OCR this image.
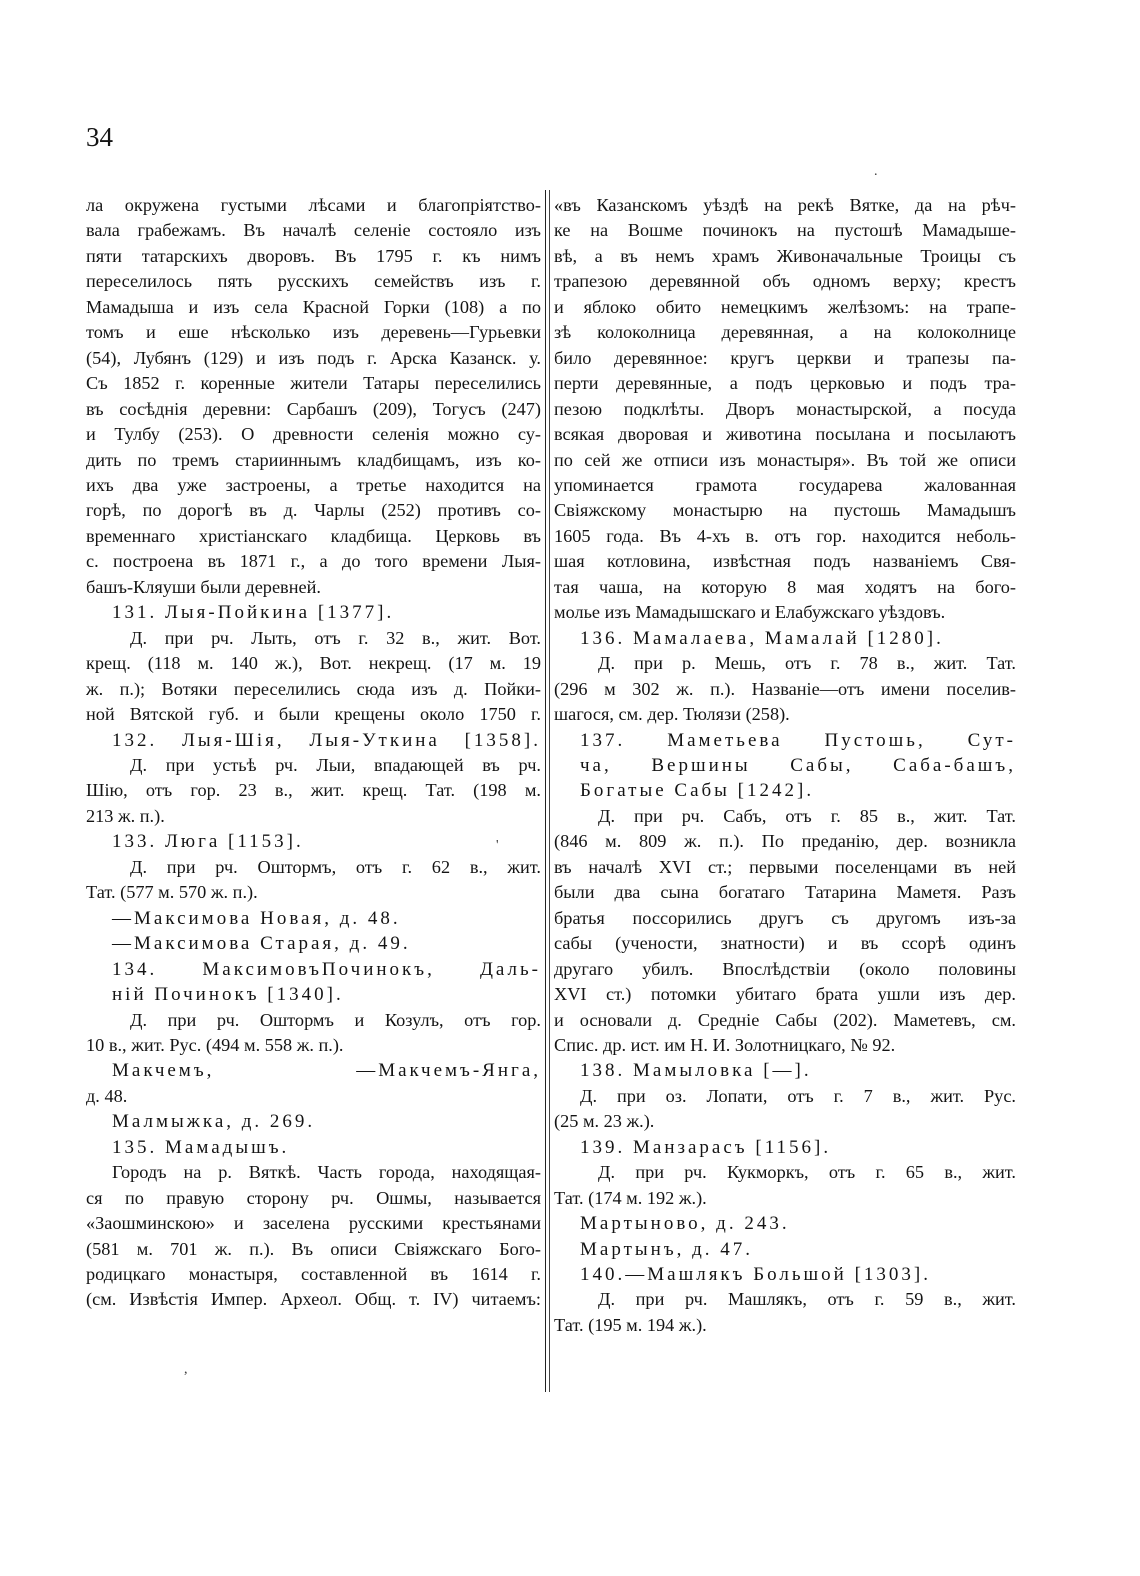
34

ла окружена густыми лѣсами и благопріятство-

вала грабежамъ. Въ началѣ селеніе состояло изъ

пяти татарскихъ дворовъ. Въ 1795 г. къ нимъ

переселилось пять русскихъ семействъ изъ г.

Мамадыша и изъ села Красной Горки (108) а по

томъ и еше нѣсколько изъ деревень—Гурьевки

(54), Лубянъ (129) и изъ подъ г. Арска Казанск. у.

Съ 1852 г. коренные жители Татары переселились

въ сосѣднія деревни: Сарбашъ (209), Тогусъ (247)

и Тулбу (253). О древности селенія можно су-

дить по тремъ старииннымъ кладбищамъ, изъ ко-

ихъ два уже застроены, а третье находится на

горѣ, по дорогѣ въ д. Чарлы (252) противъ со-

временнаго христіанскаго кладбища. Церковь въ

с. построена въ 1871 г., а до того времени Лыя-

башъ-Кляуши были деревней.

131. Лыя-Пойкина [1377].

Д. при рч. Лыть, отъ г. 32 в., жит. Вот.

крещ. (118 м. 140 ж.), Вот. некрещ. (17 м. 19

ж. п.); Вотяки переселились сюда изъ д. Пойки-

ной Вятской губ. и были крещены около 1750 г.

132. Лыя-Шія, Лыя-Уткина [1358].

Д. при устьѣ рч. Лыи, впадающей въ рч.

Шію, отъ гор. 23 в., жит. крещ. Тат. (198 м.

213 ж. п.).

133. Люга [1153].

Д. при рч. Оштормъ, отъ г. 62 в., жит.

Тат. (577 м. 570 ж. п.).

—Максимова Новая, д. 48.

—Максимова Старая, д. 49.

134. МаксимовъПочинокъ, Даль-

ній Починокъ [1340].

Д. при рч. Оштормъ и Козулъ, отъ гор.

10 в., жит. Рус. (494 м. 558 ж. п.).

Макчемъ, —Макчемъ-Янга,

д. 48.

Малмыжка, д. 269.

135. Мамадышъ.

Городъ на р. Вяткѣ. Часть города, находящая-

ся по правую сторону рч. Ошмы, называется

«Заошминскою» и заселена русскими крестьянами

(581 м. 701 ж. п.). Въ описи Свіяжскаго Бого-

родицкаго монастыря, составленной въ 1614 г.

(см. Извѣстія Импер. Археол. Общ. т. IV) читаемъ:

«въ Казанскомъ уѣздѣ на рекѣ Вятке, да на рѣч-

ке на Вошме починокъ на пустошѣ Мамадыше-

вѣ, а въ немъ храмъ Живоначальные Троицы съ

трапезою деревянной объ одномъ верху; крестъ

и яблоко обито немецкимъ желѣзомъ: на трапе-

зѣ колоколница деревянная, а на колоколнице

било деревянное: кругъ церкви и трапезы па-

перти деревянные, а подъ церковью и подъ тра-

пезою подклѣты. Дворъ монастырской, а посуда

всякая дворовая и животина посылана и посылаютъ

по сей же отписи изъ монастыря». Въ той же описи

упоминается грамота государева жалованная

Свіяжскому монастырю на пустошь Мамадышъ

1605 года. Въ 4-хъ в. отъ гор. находится неболь-

шая котловина, извѣстная подъ названіемъ Свя-

тая чаша, на которую 8 мая ходятъ на бого-

молье изъ Мамадышскаго и Елабужскаго уѣздовъ.

136. Мамалаева, Мамалай [1280].

Д. при р. Мешь, отъ г. 78 в., жит. Тат.

(296 м 302 ж. п.). Названіе—отъ имени поселив-

шагося, см. дер. Тюлязи (258).

137. Маметьева Пустошь, Сут-

ча, Вершины Сабы, Саба-башъ,

Богатые Сабы [1242].

Д. при рч. Сабъ, отъ г. 85 в., жит. Тат.

(846 м. 809 ж. п.). По преданію, дер. возникла

въ началѣ XVI ст.; первыми поселенцами въ ней

были два сына богатаго Татарина Маметя. Разъ

братья поссорились другъ съ другомъ изъ-за

сабы (учености, знатности) и въ ссорѣ одинъ

другаго убилъ. Впослѣдствіи (около половины

XVI ст.) потомки убитаго брата ушли изъ дер.

и основали д. Средніе Сабы (202). Маметевъ, см.

Спис. др. ист. им Н. И. Золотницкаго, № 92.

138. Мамыловка [—].

Д. при оз. Лопати, отъ г. 7 в., жит. Рус.

(25 м. 23 ж.).

139. Манзарасъ [1156].

Д. при рч. Кукморкъ, отъ г. 65 в., жит.

Тат. (174 м. 192 ж.).

Мартыново, д. 243.

Мартынъ, д. 47.

140.—Машлякъ Большой [1303].

Д. при рч. Машлякъ, отъ г. 59 в., жит.

Тат. (195 м. 194 ж.).

.
'
,
